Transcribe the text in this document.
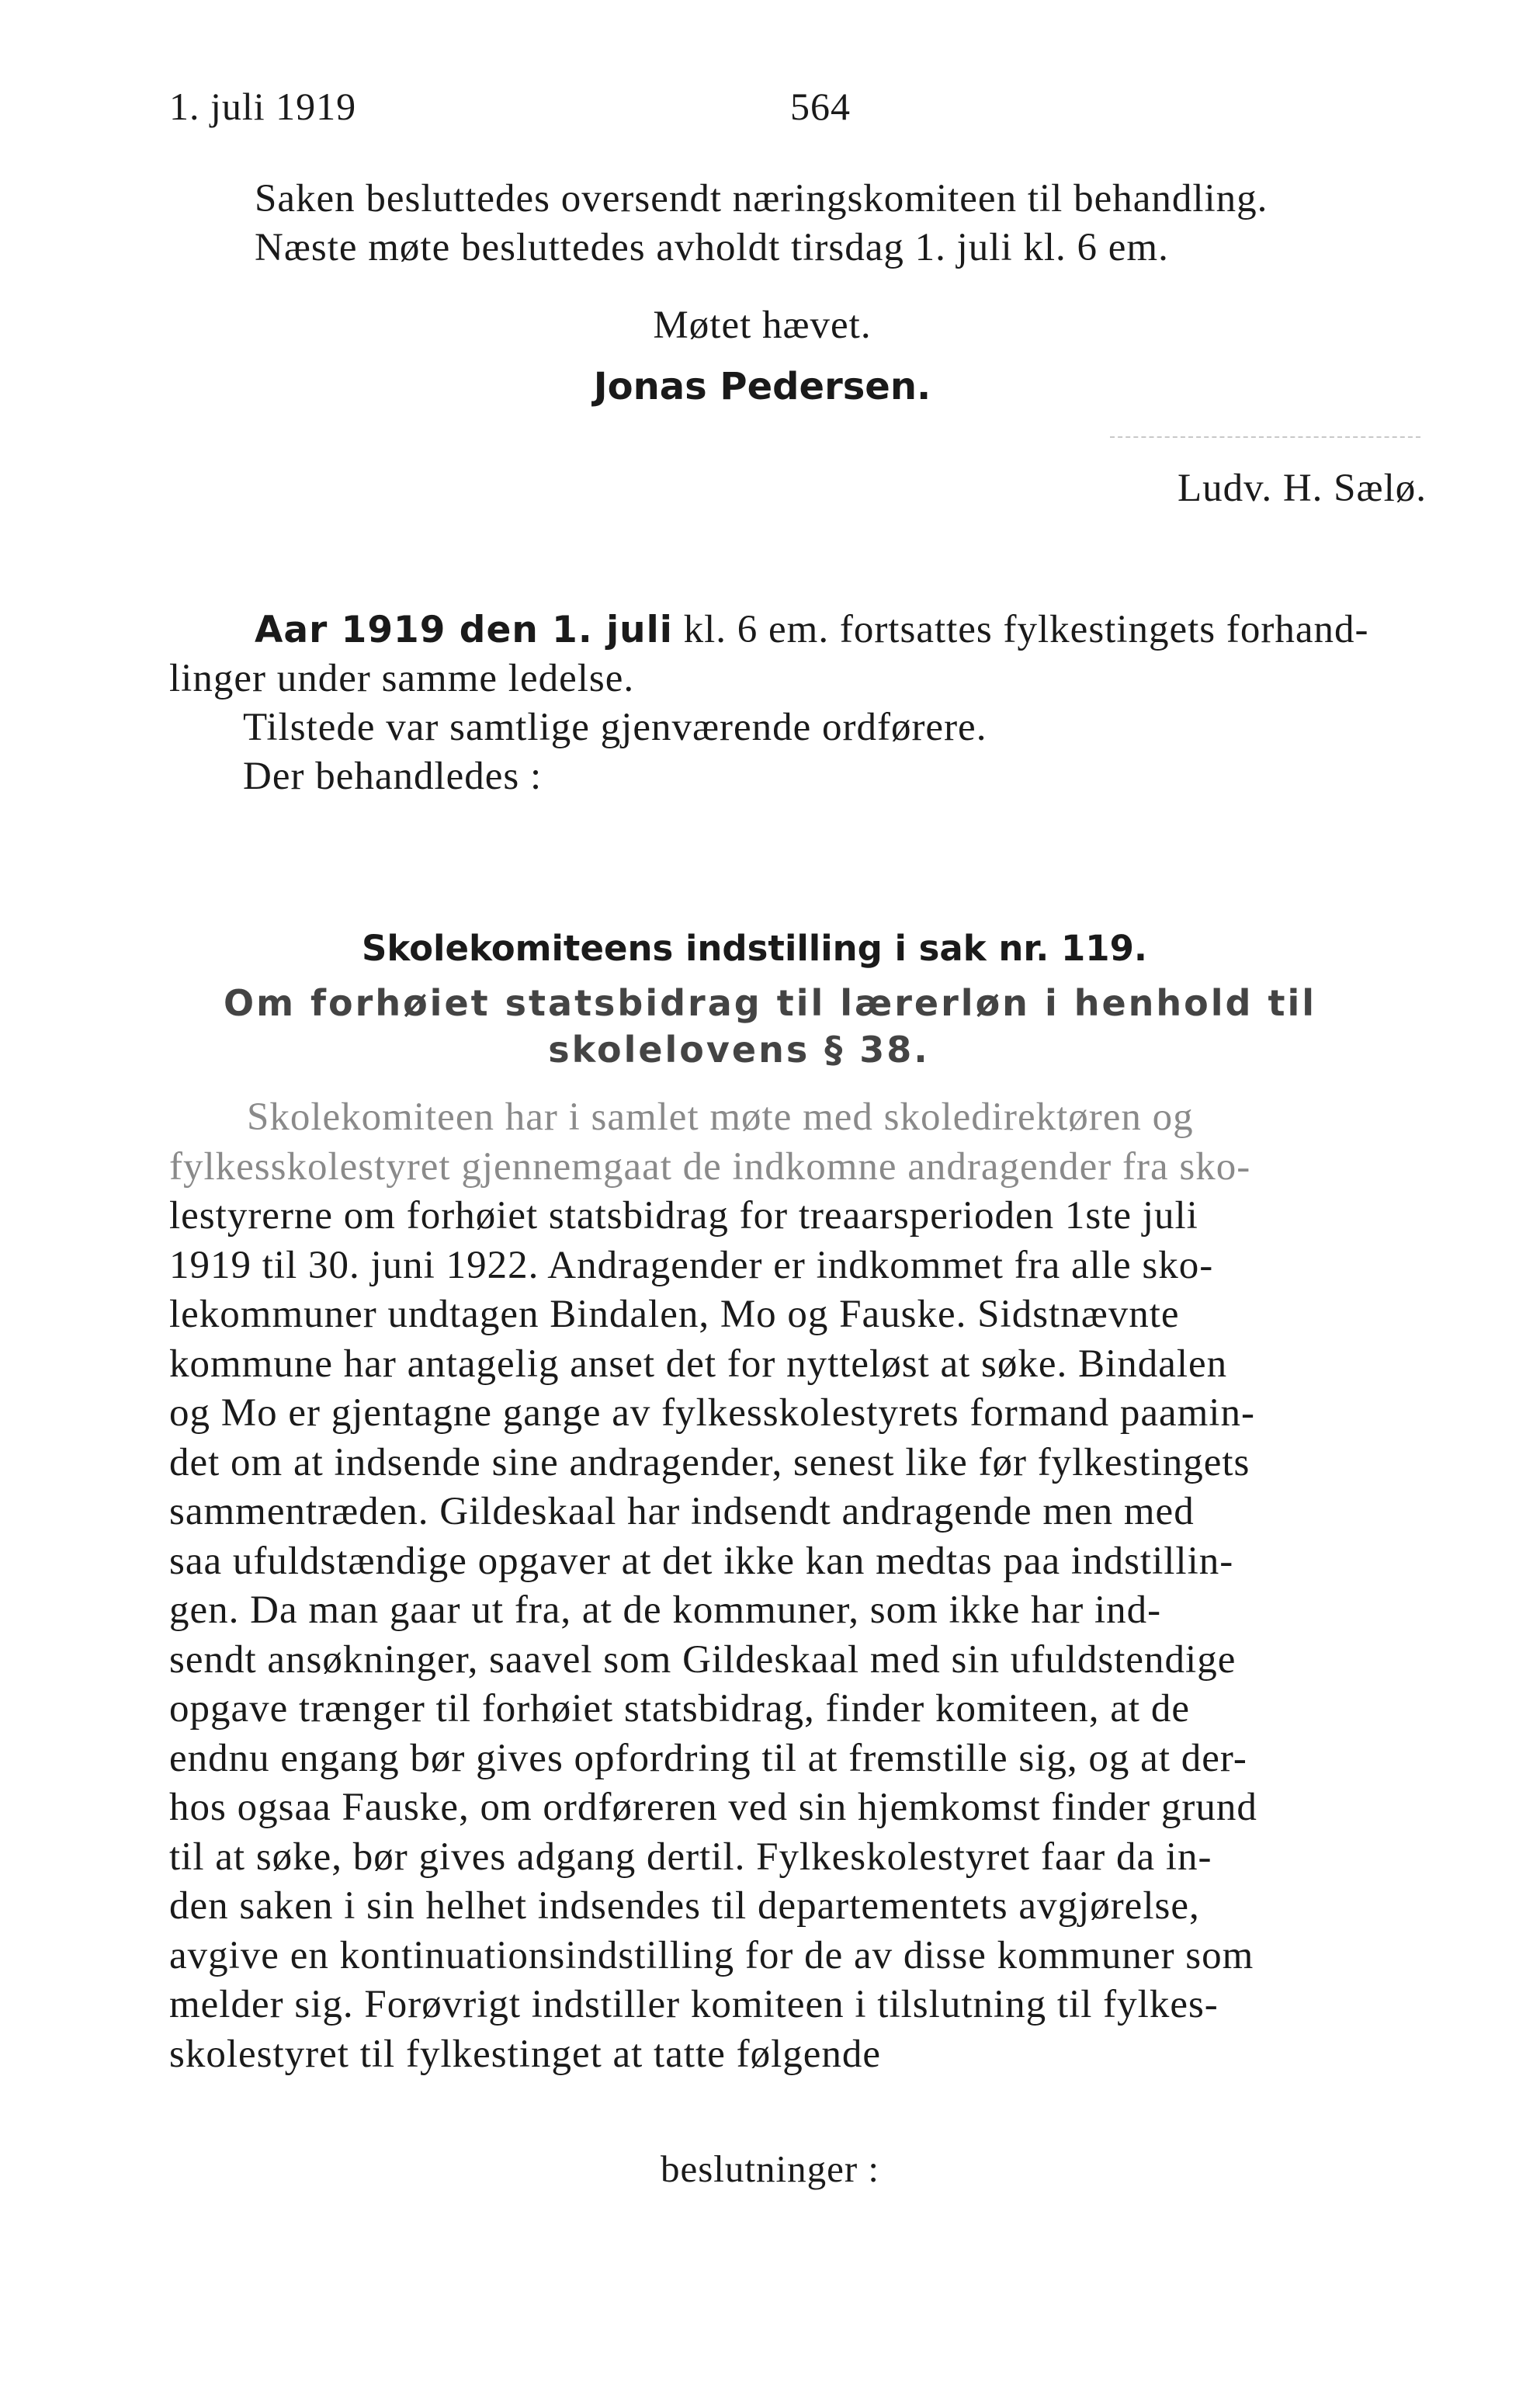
1. juli 1919	564
Saken besluttedes oversendt næringskomiteen til behandling.
Næste møte besluttedes avholdt tirsdag 1. juli kl. 6 em.
Møtet hævet.
Jonas Pedersen.
Ludv. H. Sælø.
Aar 1919 den 1. juli kl. 6 em. fortsattes fylkestingets forhand-
linger under samme ledelse.
Tilstede var samtlige gjenværende ordførere.
Der behandledes :
Skolekomiteens indstilling i sak nr. 119.
Om forhøiet statsbidrag til lærerløn i henhold til
skolelovens § 38.
Skolekomiteen har i samlet møte med skoledirektøren og
fylkesskolestyret gjennemgaat de indkomne andragender fra sko-
lestyrerne om forhøiet statsbidrag for treaarsperioden 1ste juli
1919 til 30. juni 1922. Andragender er indkommet fra alle sko-
lekommuner undtagen Bindalen, Mo og Fauske. Sidstnævnte
kommune har antagelig anset det for nytteløst at søke. Bindalen
og Mo er gjentagne gange av fylkesskolestyrets formand paamin-
det om at indsende sine andragender, senest like før fylkestingets
sammentræden. Gildeskaal har indsendt andragende men med
saa ufuldstændige opgaver at det ikke kan medtas paa indstillin-
gen. Da man gaar ut fra, at de kommuner, som ikke har ind-
sendt ansøkninger, saavel som Gildeskaal med sin ufuldstendige
opgave trænger til forhøiet statsbidrag, finder komiteen, at de
endnu engang bør gives opfordring til at fremstille sig, og at der-
hos ogsaa Fauske, om ordføreren ved sin hjemkomst finder grund
til at søke, bør gives adgang dertil. Fylkeskolestyret faar da in-
den saken i sin helhet indsendes til departementets avgjørelse,
avgive en kontinuationsindstilling for de av disse kommuner som
melder sig. Forøvrigt indstiller komiteen i tilslutning til fylkes-
skolestyret til fylkestinget at tatte følgende
beslutninger :
